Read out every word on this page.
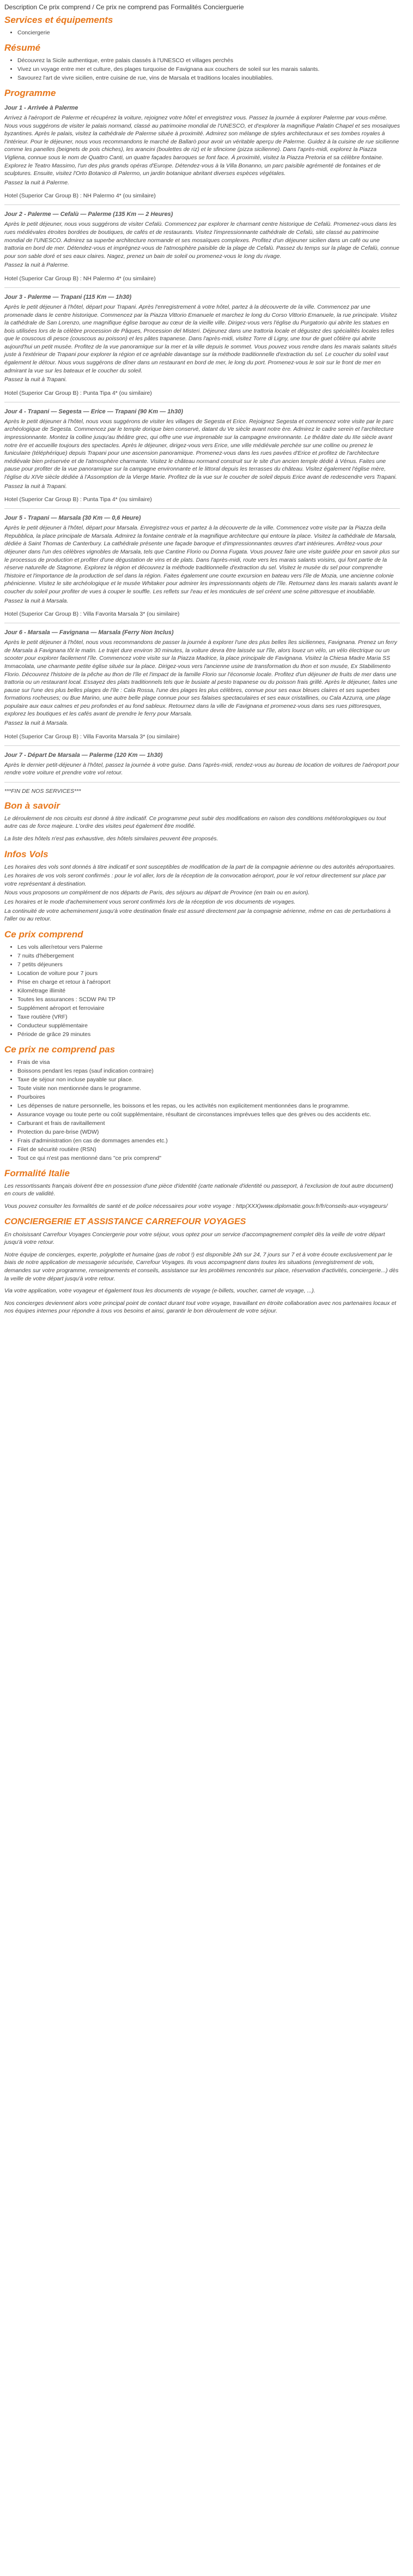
Description Ce prix comprend / Ce prix ne comprend pas Formalités Concierguerie
Services et équipements
• Conciergerie
Résumé
• Découvrez la Sicile authentique, entre palais classés à l'UNESCO et villages perchés
• Vivez un voyage entre mer et culture, des plages turquoise de Favignana aux couchers de soleil sur les marais salants.
• Savourez l'art de vivre sicilien, entre cuisine de rue, vins de Marsala et traditions locales inoubliables.
Programme
Jour 1 - Arrivée à Palerme

Arrivez à l'aéroport de Palerme et récupérez la voiture, rejoignez votre hôtel et enregistrez vous. Passez la journée à explorer Palerme par vous-même. Nous vous suggérons de visiter le palais normand, classé au patrimoine mondial de l'UNESCO, et d'explorer la magnifique Palatin Chapel et ses mosaïques byzantines. Après le palais, visitez la cathédrale de Palerme située à proximité. Admirez son mélange de styles architecturaux et ses tombes royales à l'intérieur. Pour le déjeuner, nous vous recommandons le marché de Ballarò pour avoir un véritable aperçu de Palerme. Guidez à la cuisine de rue sicilienne comme les panelles (beignets de pois chiches), les arancini (boulettes de riz) et le sfincione (pizza sicilienne). Dans l'après-midi, explorez la Piazza Vigliena, connue sous le nom de Quattro Canti, un quatre façades baroques se font face. À proximité, visitez la Piazza Pretoria et sa célèbre fontaine. Explorez le Teatro Massimo, l'un des plus grands opéras d'Europe. Détendez-vous à la Villa Bonanno, un parc paisible agrémenté de fontaines et de sculptures. Ensuite, visitez l'Orto Botanico di Palermo, un jardin botanique abritant diverses espèces végétales.

Passez la nuit à Palerme.

Hotel (Superior Car Group B) : NH Palermo 4* (ou similaire)
Jour 2 - Palerme — Cefalù — Palerme (135 Km — 2 Heures)

Après le petit déjeuner, nous vous suggérons de visiter Cefalù. Commencez par explorer le charmant centre historique de Cefalù. Promenez-vous dans les rues médiévales étroites bordées de boutiques, de cafés et de restaurants. Visitez l'impressionnante cathédrale de Cefalù, site classé au patrimoine mondial de l'UNESCO. Admirez sa superbe architecture normande et ses mosaïques complexes. Profitez d'un déjeuner sicilien dans un café ou une trattoria en bord de mer. Détendez-vous et imprégnez-vous de l'atmosphère paisible de la plage de Cefalù. Passez du temps sur la plage de Cefalù, connue pour son sable doré et ses eaux claires. Nagez, prenez un bain de soleil ou promenez-vous le long du rivage.

Passez la nuit à Palerme.

Hotel (Superior Car Group B) : NH Palermo 4* (ou similaire)
Jour 3 - Palerme — Trapani (115 Km — 1h30)

Après le petit déjeuner à l'hôtel, départ pour Trapani. Après l'enregistrement à votre hôtel, partez à la découverte de la ville. Commencez par une promenade dans le centre historique. Commencez par la Piazza Vittorio Emanuele et marchez le long du Corso Vittorio Emanuele, la rue principale. Visitez la cathédrale de San Lorenzo, une magnifique église baroque au cœur de la vieille ville. Dirigez-vous vers l'église du Purgatorio qui abrite les statues en bois utilisées lors de la célèbre procession de Pâques, Procession del Misteri. Déjeunez dans une trattoria locale et dégustez des spécialités locales telles que le couscous di pesce (couscous au poisson) et les pâtes trapanese. Dans l'après-midi, visitez Torre di Ligny, une tour de guet côtière qui abrite aujourd'hui un petit musée. Profitez de la vue panoramique sur la mer et la ville depuis le sommet. Vous pouvez vous rendre dans les marais salants situés juste à l'extérieur de Trapani pour explorer la région et ce agréable davantage sur la méthode traditionnelle d'extraction du sel. Le coucher du soleil vaut également le détour. Nous vous suggérons de dîner dans un restaurant en bord de mer, le long du port. Promenez-vous le soir sur le front de mer en admirant la vue sur les bateaux et le coucher du soleil.

Passez la nuit à Trapani.

Hotel (Superior Car Group B) : Punta Tipa 4* (ou similaire)
Jour 4 - Trapani — Segesta — Erice — Trapani (90 Km — 1h30)

Après le petit déjeuner à l'hôtel, nous vous suggérons de visiter les villages de Segesta et Erice. Rejoignez Segesta et commencez votre visite par le parc archéologique de Segesta. Commencez par le temple dorique bien conservé, datant du Ve siècle avant notre ère. Admirez le cadre serein et l'architecture impressionnante. Montez la colline jusqu'au théâtre grec, qui offre une vue imprenable sur la campagne environnante. Le théâtre date du IIIe siècle avant notre ère et accueille toujours des spectacles. Après le déjeuner, dirigez-vous vers Erice, une ville médiévale perchée sur une colline ou prenez le funiculaire (téléphérique) depuis Trapani pour une ascension panoramique. Promenez-vous dans les rues pavées d'Erice et profitez de l'architecture médiévale bien préservée et de l'atmosphère charmante. Visitez le château normand construit sur le site d'un ancien temple dédié à Vénus. Faites une pause pour profiter de la vue panoramique sur la campagne environnante et le littoral depuis les terrasses du château. Visitez également l'église mère, l'église du XIVe siècle dédiée à l'Assomption de la Vierge Marie. Profitez de la vue sur le coucher de soleil depuis Erice avant de redescendre vers Trapani.

Passez la nuit à Trapani.

Hotel (Superior Car Group B) : Punta Tipa 4* (ou similaire)
Jour 5 - Trapani — Marsala (30 Km — 0,6 Heure)

Après le petit déjeuner à l'hôtel, départ pour Marsala. Enregistrez-vous et partez à la découverte de la ville. Commencez votre visite par la Piazza della Repubblica, la place principale de Marsala. Admirez la fontaine centrale et la magnifique architecture qui entoure la place. Visitez la cathédrale de Marsala, dédiée à Saint Thomas de Canterbury. La cathédrale présente une façade baroque et d'impressionnantes œuvres d'art intérieures. Arrêtez-vous pour déjeuner dans l'un des célèbres vignobles de Marsala, tels que Cantine Florio ou Donna Fugata. Vous pouvez faire une visite guidée pour en savoir plus sur le processus de production et profiter d'une dégustation de vins et de plats. Dans l'après-midi, route vers les marais salants voisins, qui font partie de la réserve naturelle de Stagnone. Explorez la région et découvrez la méthode traditionnelle d'extraction du sel. Visitez le musée du sel pour comprendre l'histoire et l'importance de la production de sel dans la région. Faites également une courte excursion en bateau vers l'île de Mozia, une ancienne colonie phénicienne. Visitez le site archéologique et le musée Whitaker pour admirer les impressionnants objets de l'île. Retournez dans les marais salants avant le coucher du soleil pour profiter de vues à couper le souffle. Les reflets sur l'eau et les monticules de sel créent une scène pittoresque et inoubliable.

Passez la nuit à Marsala.

Hotel (Superior Car Group B) : Villa Favorita Marsala 3* (ou similaire)
Jour 6 - Marsala — Favignana — Marsala (Ferry Non Inclus)

Après le petit déjeuner à l'hôtel, nous vous recommandons de passer la journée à explorer l'une des plus belles îles siciliennes, Favignana. Prenez un ferry de Marsala à Favignana tôt le matin. Le trajet dure environ 30 minutes, la voiture devra être laissée sur l'île, alors louez un vélo, un vélo électrique ou un scooter pour explorer facilement l'île. Commencez votre visite sur la Piazza Madrice, la place principale de Favignana. Visitez la Chiesa Madre Maria SS Immacolata, une charmante petite église située sur la place. Dirigez-vous vers l'ancienne usine de transformation du thon et son musée, Ex Stabilimento Florio. Découvrez l'histoire de la pêche au thon de l'île et l'impact de la famille Florio sur l'économie locale. Profitez d'un déjeuner de fruits de mer dans une trattoria ou un restaurant local. Essayez des plats traditionnels tels que le busiate al pesto trapanese ou du poisson frais grillé. Après le déjeuner, faites une pause sur l'une des plus belles plages de l'île : Cala Rossa, l'une des plages les plus célèbres, connue pour ses eaux bleues claires et ses superbes formations rocheuses; ou Bue Marino, une autre belle plage connue pour ses falaises spectaculaires et ses eaux cristallines, ou Cala Azzurra, une plage populaire aux eaux calmes et peu profondes et au fond sableux. Retournez dans la ville de Favignana et promenez-vous dans ses rues pittoresques, explorez les boutiques et les cafés avant de prendre le ferry pour Marsala.

Passez la nuit à Marsala.

Hotel (Superior Car Group B) : Villa Favorita Marsala 3* (ou similaire)
Jour 7 - Départ De Marsala — Palerme (120 Km — 1h30)

Après le dernier petit-déjeuner à l'hôtel, passez la journée à votre guise. Dans l'après-midi, rendez-vous au bureau de location de voitures de l'aéroport pour rendre votre voiture et prendre votre vol retour.

***FIN DE NOS SERVICES***
Bon à savoir

Le déroulement de nos circuits est donné à titre indicatif. Ce programme peut subir des modifications en raison des conditions météorologiques ou tout autre cas de force majeure. L'ordre des visites peut également être modifié.

La liste des hôtels n'est pas exhaustive, des hôtels similaires peuvent être proposés.

Infos Vols

Les horaires des vols sont donnés à titre indicatif et sont susceptibles de modification de la part de la compagnie aérienne ou des autorités aéroportuaires.

Les horaires de vos vols seront confirmés : pour le vol aller, lors de la réception de la convocation aéroport, pour le vol retour directement sur place par votre représentant à destination.

Nous vous proposons un complément de nos départs de Paris, des séjours au départ de Province (en train ou en avion).

Les horaires et le mode d'acheminement vous seront confirmés lors de la réception de vos documents de voyages.

La continuité de votre acheminement jusqu'à votre destination finale est assuré directement par la compagnie aérienne, même en cas de perturbations à l'aller ou au retour.

Ce prix comprend
• Les vols aller/retour vers Palerme
• 7 nuits d'hébergement
• 7 petits déjeuners
• Location de voiture pour 7 jours
• Prise en charge et retour à l'aéroport
• Kilométrage illimité
• Toutes les assurances : SCDW PAI TP
• Supplément aéroport et ferroviaire
• Taxe routière (VRF)
• Conducteur supplémentaire
• Période de grâce 29 minutes
Ce prix ne comprend pas
• Frais de visa
• Boissons pendant les repas (sauf indication contraire)
• Taxe de séjour non incluse payable sur place.
• Toute visite non mentionnée dans le programme.
• Pourboires
• Les dépenses de nature personnelle, les boissons et les repas, ou les activités non explicitement mentionnées dans le programme.
• Assurance voyage ou toute perte ou coût supplémentaire, résultant de circonstances imprévues telles que des grèves ou des accidents etc.
• Carburant et frais de ravitaillement
• Protection du pare-brise (WDW)
• Frais d'administration (en cas de dommages amendes etc.)
• Filet de sécurité routière (RSN)
• Tout ce qui n'est pas mentionné dans "ce prix comprend"
Formalité Italie

Les ressortissants français doivent être en possession d'une pièce d'identité (carte nationale d'identité ou passeport, à l'exclusion de tout autre document) en cours de validité.

Vous pouvez consulter les formalités de santé et de police nécessaires pour votre voyage : http(XXX)www.diplomatie.gouv.fr/fr/conseils-aux-voyageurs/

CONCIERGERIE ET ASSISTANCE CARREFOUR VOYAGES

En choisissant Carrefour Voyages Conciergerie pour votre séjour, vous optez pour un service d'accompagnement complet dès la veille de votre départ jusqu'à votre retour.

Notre équipe de concierges, experte, polyglotte et humaine (pas de robot !) est disponible 24h sur 24, 7 jours sur 7 et à votre écoute exclusivement par le biais de notre application de messagerie sécurisée, Carrefour Voyages. Ils vous accompagnent dans toutes les situations (enregistrement de vols, demandes sur votre programme, renseignements et conseils, assistance sur les problèmes rencontrés sur place, réservation d'activités, conciergerie...) dès la veille de votre départ jusqu'à votre retour.

Via votre application, votre voyageur et également tous les documents de voyage (e-billets, voucher, carnet de voyage, ...).

Nos concierges deviennent alors votre principal point de contact durant tout votre voyage, travaillant en étroite collaboration avec nos partenaires locaux et nos équipes internes pour répondre à tous vos besoins et ainsi, garantir le bon déroulement de votre séjour.
